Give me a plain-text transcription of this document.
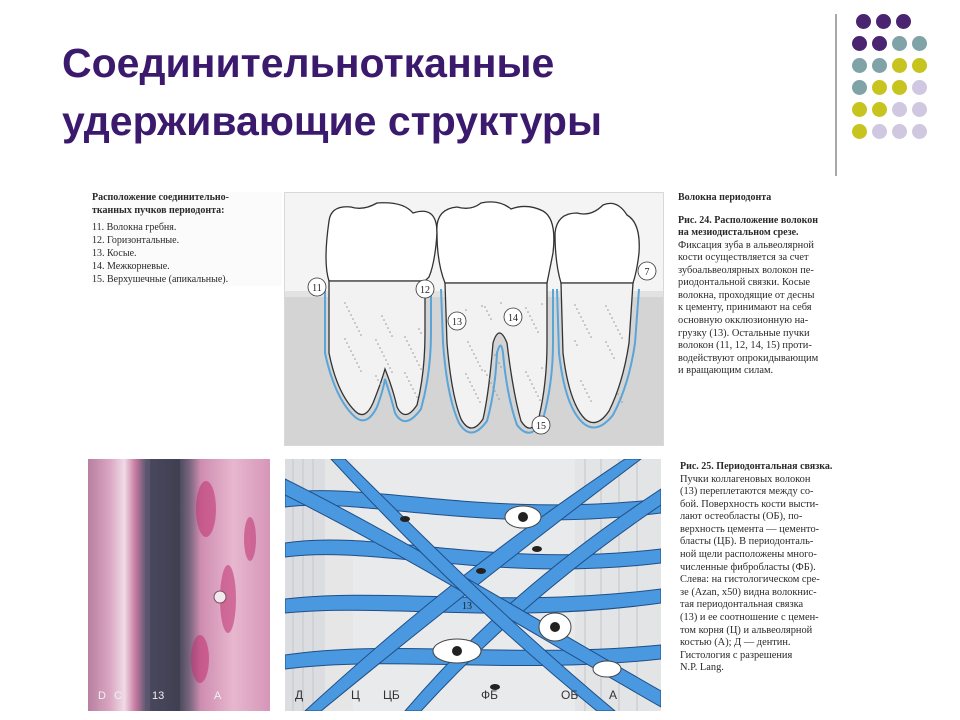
Соединительнотканные
удерживающие структуры
Расположение соединительно-
тканных пучков периодонта:
11. Волокна гребня.
12. Горизонтальные.
13. Косые.
14. Межкорневые.
15. Верхушечные (апикальные).
11	12
13	14
15
7
Волокна периодонта
Рис. 24. Расположение волокон
на мезиодистальном срезе.
Фиксация зуба в альвеолярной
кости осуществляется за счет
зубоальвеолярных волокон пе-
риодонтальной связки. Косые
волокна, проходящие от десны
к цементу, принимают на себя
основную окклюзионную на-
грузку (13). Остальные пучки
волокон (11, 12, 14, 15) проти-
водействуют опрокидывающим
и вращающим силам.
D C	13	A
13
Д	Ц ЦБ	ФБ	ОБ	А
Рис. 25. Периодонтальная связка.
Пучки коллагеновых волокон
(13) переплетаются между со-
бой. Поверхность кости высти-
лают остеобласты (ОБ), по-
верхность цемента — цементо-
бласты (ЦБ). В периодонталь-
ной щели расположены много-
численные фибробласты (ФБ).
Слева: на гистологическом сре-
зе (Azan, x50) видна волокнис-
тая периодонтальная связка
(13) и ее соотношение с цемен-
том корня (Ц) и альвеолярной
костью (А); Д — дентин.
Гистология с разрешения
N.P. Lang.
